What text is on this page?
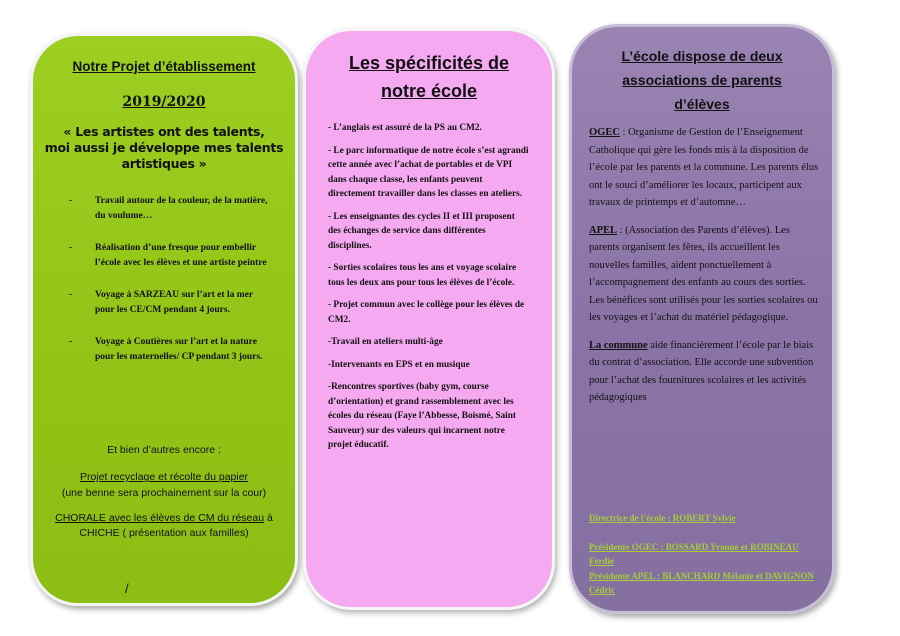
Notre Projet d’établissement
2019/2020
« Les artistes ont des talents,
moi aussi je développe mes talents
artistiques »
- Travail autour de la couleur, de la matière, du voulume…
- Réalisation d’une fresque pour embellir l’école avec les élèves et une artiste peintre
- Voyage à SARZEAU sur l’art et la mer pour les CE/CM pendant 4 jours.
- Voyage à Coutières sur l’art et la nature pour les maternelles/ CP pendant 3 jours.
Et bien d’autres encore :
Projet recyclage et récolte du papier
(une benne sera prochainement sur la cour)
CHORALE avec les élèves de CM du réseau à CHICHE ( présentation aux familles)
/
Les spécificités de
notre école

- L’anglais est assuré de la PS au CM2.

- Le parc informatique de notre école s’est agrandi cette année avec l’achat de portables et de VPI dans chaque classe, les enfants peuvent directement travailler dans les classes en ateliers.

- Les enseignantes des cycles II et III proposent des échanges de service dans différentes disciplines.

- Sorties scolaires tous les ans et voyage scolaire tous les deux ans pour tous les élèves de l’école.

- Projet commun avec le collège pour les élèves de CM2.

-Travail en ateliers multi-âge

-Intervenants en EPS et en musique

-Rencontres sportives (baby gym, course d’orientation) et grand rassemblement avec les écoles du réseau (Faye l’Abbesse, Boismé, Saint Sauveur) sur des valeurs qui incarnent notre projet éducatif.

L’école dispose de deux
associations de parents
d’élèves

OGEC : Organisme de Gestion de l’Enseignement Catholique qui gère les fonds mis à la disposition de l’école par les parents et la commune. Les parents élus ont le souci d’améliorer les locaux, participent aux travaux de printemps et d’automne…

APEL : (Association des Parents d’élèves). Les parents organisent les fêtes, ils accueillent les nouvelles familles, aident ponctuellement à l’accompagnement des enfants au cours des sorties. Les bénéfices sont utilisés pour les sorties scolaires ou les voyages et l’achat du matériel pédagogique.

La commune aide financièrement l’école par le biais du contrat d’association. Elle accorde une subvention pour l’achat des fournitures scolaires et les activités pédagogiques

Directrice de l’école : ROBERT Sylvie
Présidente OGEC : BOSSARD Yvonne et ROBINEAU Ferdie
Présidente APEL : BLANCHARD Mélanie et DAVIGNON Cédric
